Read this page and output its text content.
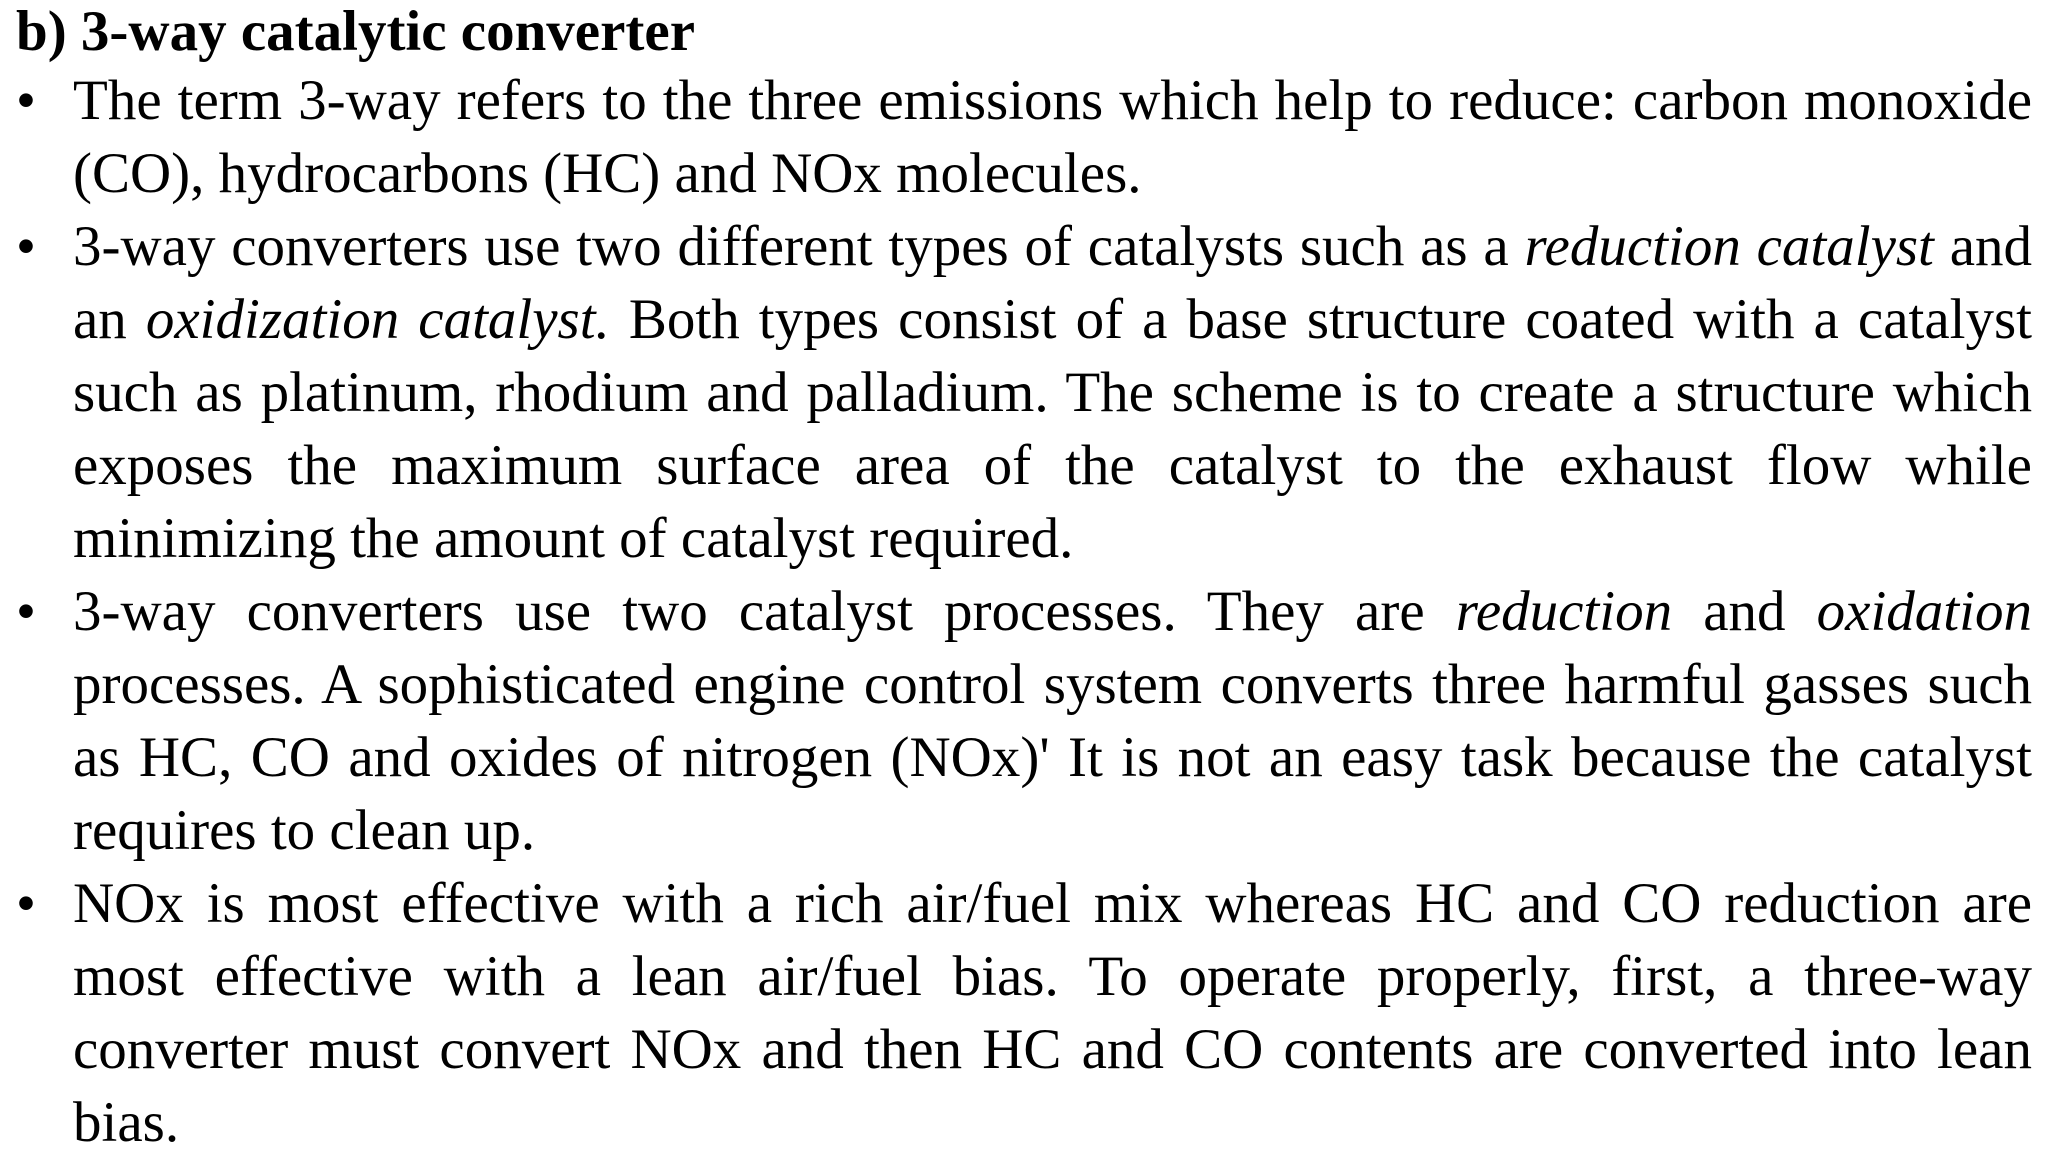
b) 3-way catalytic converter
•
The term 3-way refers to the three emissions which help to reduce: carbon monoxide (CO), hydrocarbons (HC) and NOx molecules.
•
3-way converters use two different types of catalysts such as a reduction catalyst and an oxidization catalyst. Both types consist of a base structure coated with a catalyst such as platinum, rhodium and palladium. The scheme is to create a structure which exposes the maximum surface area of the catalyst to the exhaust flow while minimizing the amount of catalyst required.
•
3-way converters use two catalyst processes. They are reduction and oxidation processes. A sophisticated engine control system converts three harmful gasses such as HC, CO and oxides of nitrogen (NOx)' It is not an easy task because the catalyst requires to clean up.
•
NOx is most effective with a rich air/fuel mix whereas HC and CO reduction are most effective with a lean air/fuel bias. To operate properly, first, a three-way converter must convert NOx and then HC and CO contents are converted into lean bias.
